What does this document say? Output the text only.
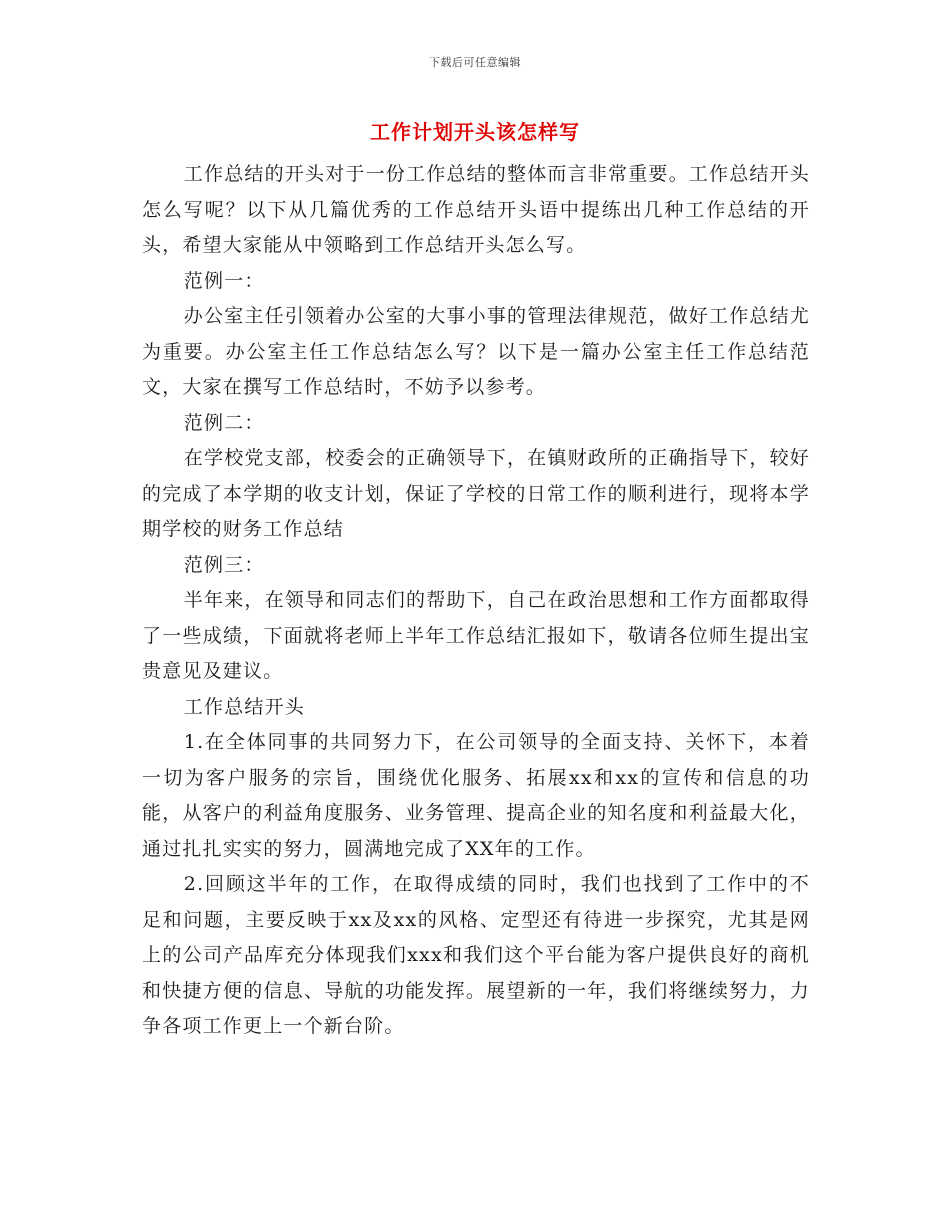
下载后可任意编辑
工作计划开头该怎样写

工作总结的开头对于一份工作总结的整体而言非常重要。工作总结开头怎么写呢？以下从几篇优秀的工作总结开头语中提练出几种工作总结的开头，希望大家能从中领略到工作总结开头怎么写。

范例一：

办公室主任引领着办公室的大事小事的管理法律规范，做好工作总结尤为重要。办公室主任工作总结怎么写？以下是一篇办公室主任工作总结范文，大家在撰写工作总结时，不妨予以参考。

范例二：

在学校党支部，校委会的正确领导下，在镇财政所的正确指导下，较好的完成了本学期的收支计划，保证了学校的日常工作的顺利进行，现将本学期学校的财务工作总结

范例三：

半年来，在领导和同志们的帮助下，自己在政治思想和工作方面都取得了一些成绩，下面就将老师上半年工作总结汇报如下，敬请各位师生提出宝贵意见及建议。

工作总结开头

1.在全体同事的共同努力下，在公司领导的全面支持、关怀下，本着一切为客户服务的宗旨，围绕优化服务、拓展xx和xx的宣传和信息的功能，从客户的利益角度服务、业务管理、提高企业的知名度和利益最大化，通过扎扎实实的努力，圆满地完成了XX年的工作。

2.回顾这半年的工作，在取得成绩的同时，我们也找到了工作中的不足和问题，主要反映于xx及xx的风格、定型还有待进一步探究，尤其是网上的公司产品库充分体现我们xxx和我们这个平台能为客户提供良好的商机和快捷方便的信息、导航的功能发挥。展望新的一年，我们将继续努力，力争各项工作更上一个新台阶。
